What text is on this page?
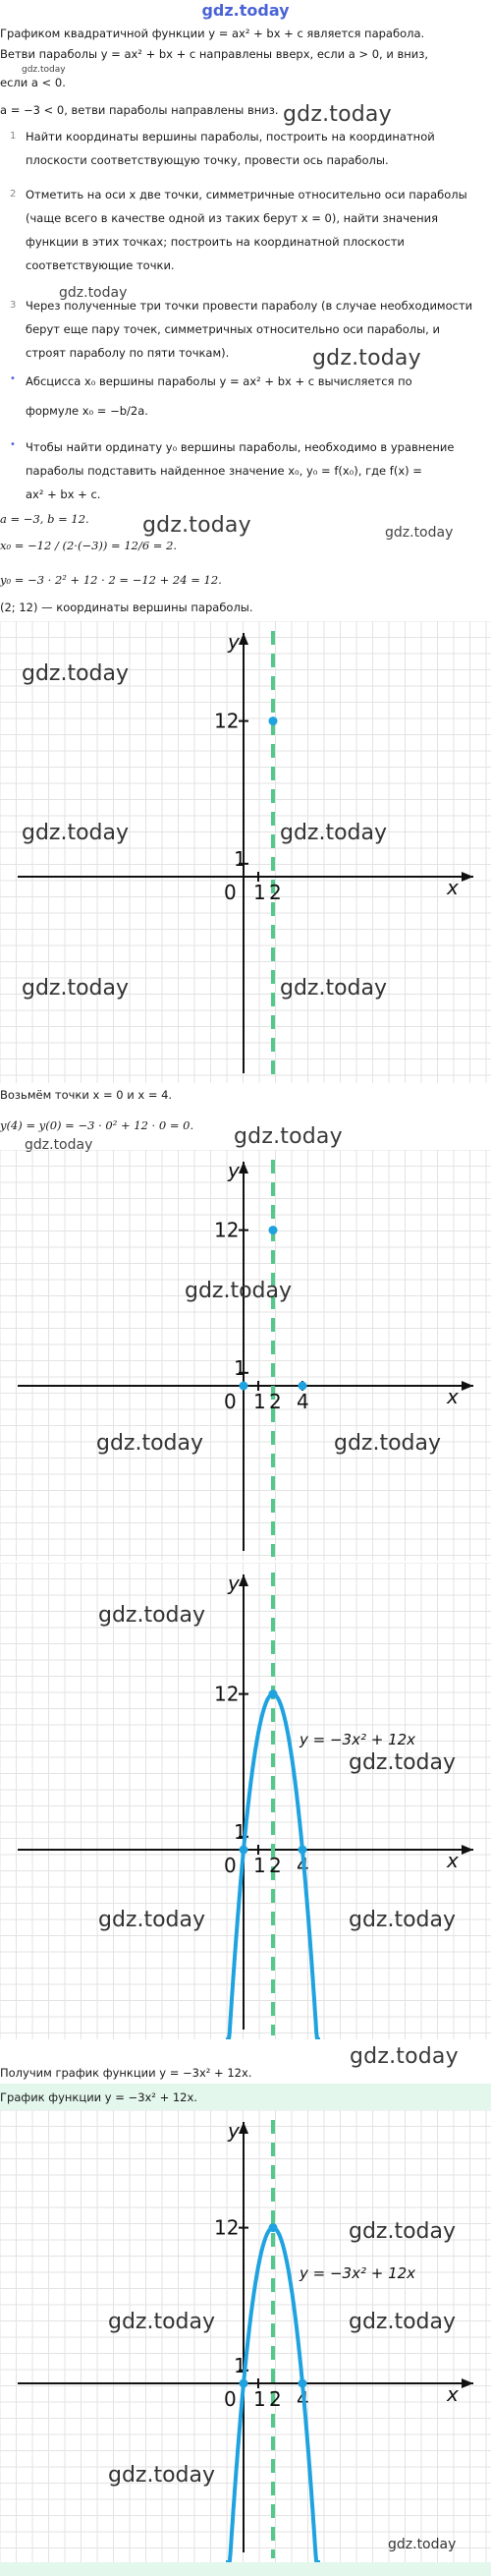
gdz.today
Графиком квадратичной функции y = ax² + bx + c является парабола.
Ветви параболы y = ax² + bx + c направлены вверх, если a > 0, и вниз,
gdz.today
если a < 0.
a = −3 < 0, ветви параболы направлены вниз. gdz.today
1 Найти координаты вершины параболы, построить на координатной
плоскости соответствующую точку, провести ось параболы.
2 Отметить на оси x две точки, симметричные относительно оси параболы
(чаще всего в качестве одной из таких берут x = 0), найти значения
функции в этих точках; построить на координатной плоскости
соответствующие точки.
3 Через полученные три точки провести параболу (в случае необходимости
берут еще пару точек, симметричных относительно оси параболы, и
строят параболу по пяти точкам).
• Абсцисса x₀ вершины параболы y = ax² + bx + c вычисляется по
формуле x₀ = −b/2a.
• Чтобы найти ординату y₀ вершины параболы, необходимо в уравнение
параболы подставить найденное значение x₀, y₀ = f(x₀), где f(x) =
ax² + bx + c.
gdz.today
gdz.today
gdz.today
a = −3, b = 12. gdz.today
x₀ = −12 / (2·(−3)) = 12/6 = 2.
y₀ = −3 · 2² + 12 · 2 = −12 + 24 = 12.
(2; 12) — координаты вершины параболы.
x
y
0 1 2
1
12
gdz.today
gdz.today
gdz.today
gdz.today
gdz.today
Возьмём точки x = 0 и x = 4.
y(4) = y(0) = −3 · 0² + 12 · 0 = 0. gdz.today
gdz.today
x
y
0 1 2
1
12
4
gdz.today
gdz.today	gdz.today
x
y
0 1 2
1
12
4
y = −3x² + 12x
gdz.today
gdz.today
gdz.today
gdz.today
Получим график функции y = −3x² + 12x.
gdz.today
График функции y = −3x² + 12x.
x
y
0 1 2
1
12
4
y = −3x² + 12x
gdz.today
gdz.today	gdz.today
gdz.today
gdz.today
